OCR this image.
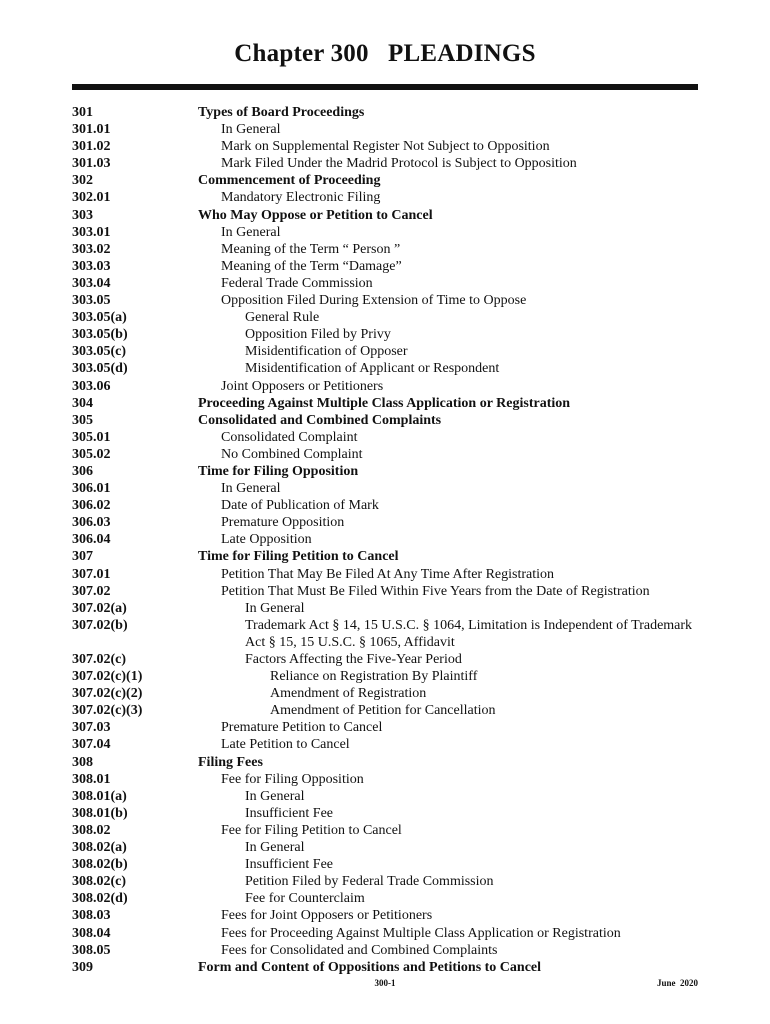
Chapter 300   PLEADINGS
301	Types of Board Proceedings
301.01	In General
301.02	Mark on Supplemental Register Not Subject to Opposition
301.03	Mark Filed Under the Madrid Protocol is Subject to Opposition
302	Commencement of Proceeding
302.01	Mandatory Electronic Filing
303	Who May Oppose or Petition to Cancel
303.01	In General
303.02	Meaning of the Term “ Person ”
303.03	Meaning of the Term “Damage”
303.04	Federal Trade Commission
303.05	Opposition Filed During Extension of Time to Oppose
303.05(a)	General Rule
303.05(b)	Opposition Filed by Privy
303.05(c)	Misidentification of Opposer
303.05(d)	Misidentification of Applicant or Respondent
303.06	Joint Opposers or Petitioners
304	Proceeding Against Multiple Class Application or Registration
305	Consolidated and Combined Complaints
305.01	Consolidated Complaint
305.02	No Combined Complaint
306	Time for Filing Opposition
306.01	In General
306.02	Date of Publication of Mark
306.03	Premature Opposition
306.04	Late Opposition
307	Time for Filing Petition to Cancel
307.01	Petition That May Be Filed At Any Time After Registration
307.02	Petition That Must Be Filed Within Five Years from the Date of Registration
307.02(a)	In General
307.02(b)	Trademark Act § 14, 15 U.S.C. § 1064, Limitation is Independent of Trademark Act § 15, 15 U.S.C. § 1065, Affidavit
307.02(c)	Factors Affecting the Five-Year Period
307.02(c)(1)	Reliance on Registration By Plaintiff
307.02(c)(2)	Amendment of Registration
307.02(c)(3)	Amendment of Petition for Cancellation
307.03	Premature Petition to Cancel
307.04	Late Petition to Cancel
308	Filing Fees
308.01	Fee for Filing Opposition
308.01(a)	In General
308.01(b)	Insufficient Fee
308.02	Fee for Filing Petition to Cancel
308.02(a)	In General
308.02(b)	Insufficient Fee
308.02(c)	Petition Filed by Federal Trade Commission
308.02(d)	Fee for Counterclaim
308.03	Fees for Joint Opposers or Petitioners
308.04	Fees for Proceeding Against Multiple Class Application or Registration
308.05	Fees for Consolidated and Combined Complaints
309	Form and Content of Oppositions and Petitions to Cancel
300-1	June  2020
